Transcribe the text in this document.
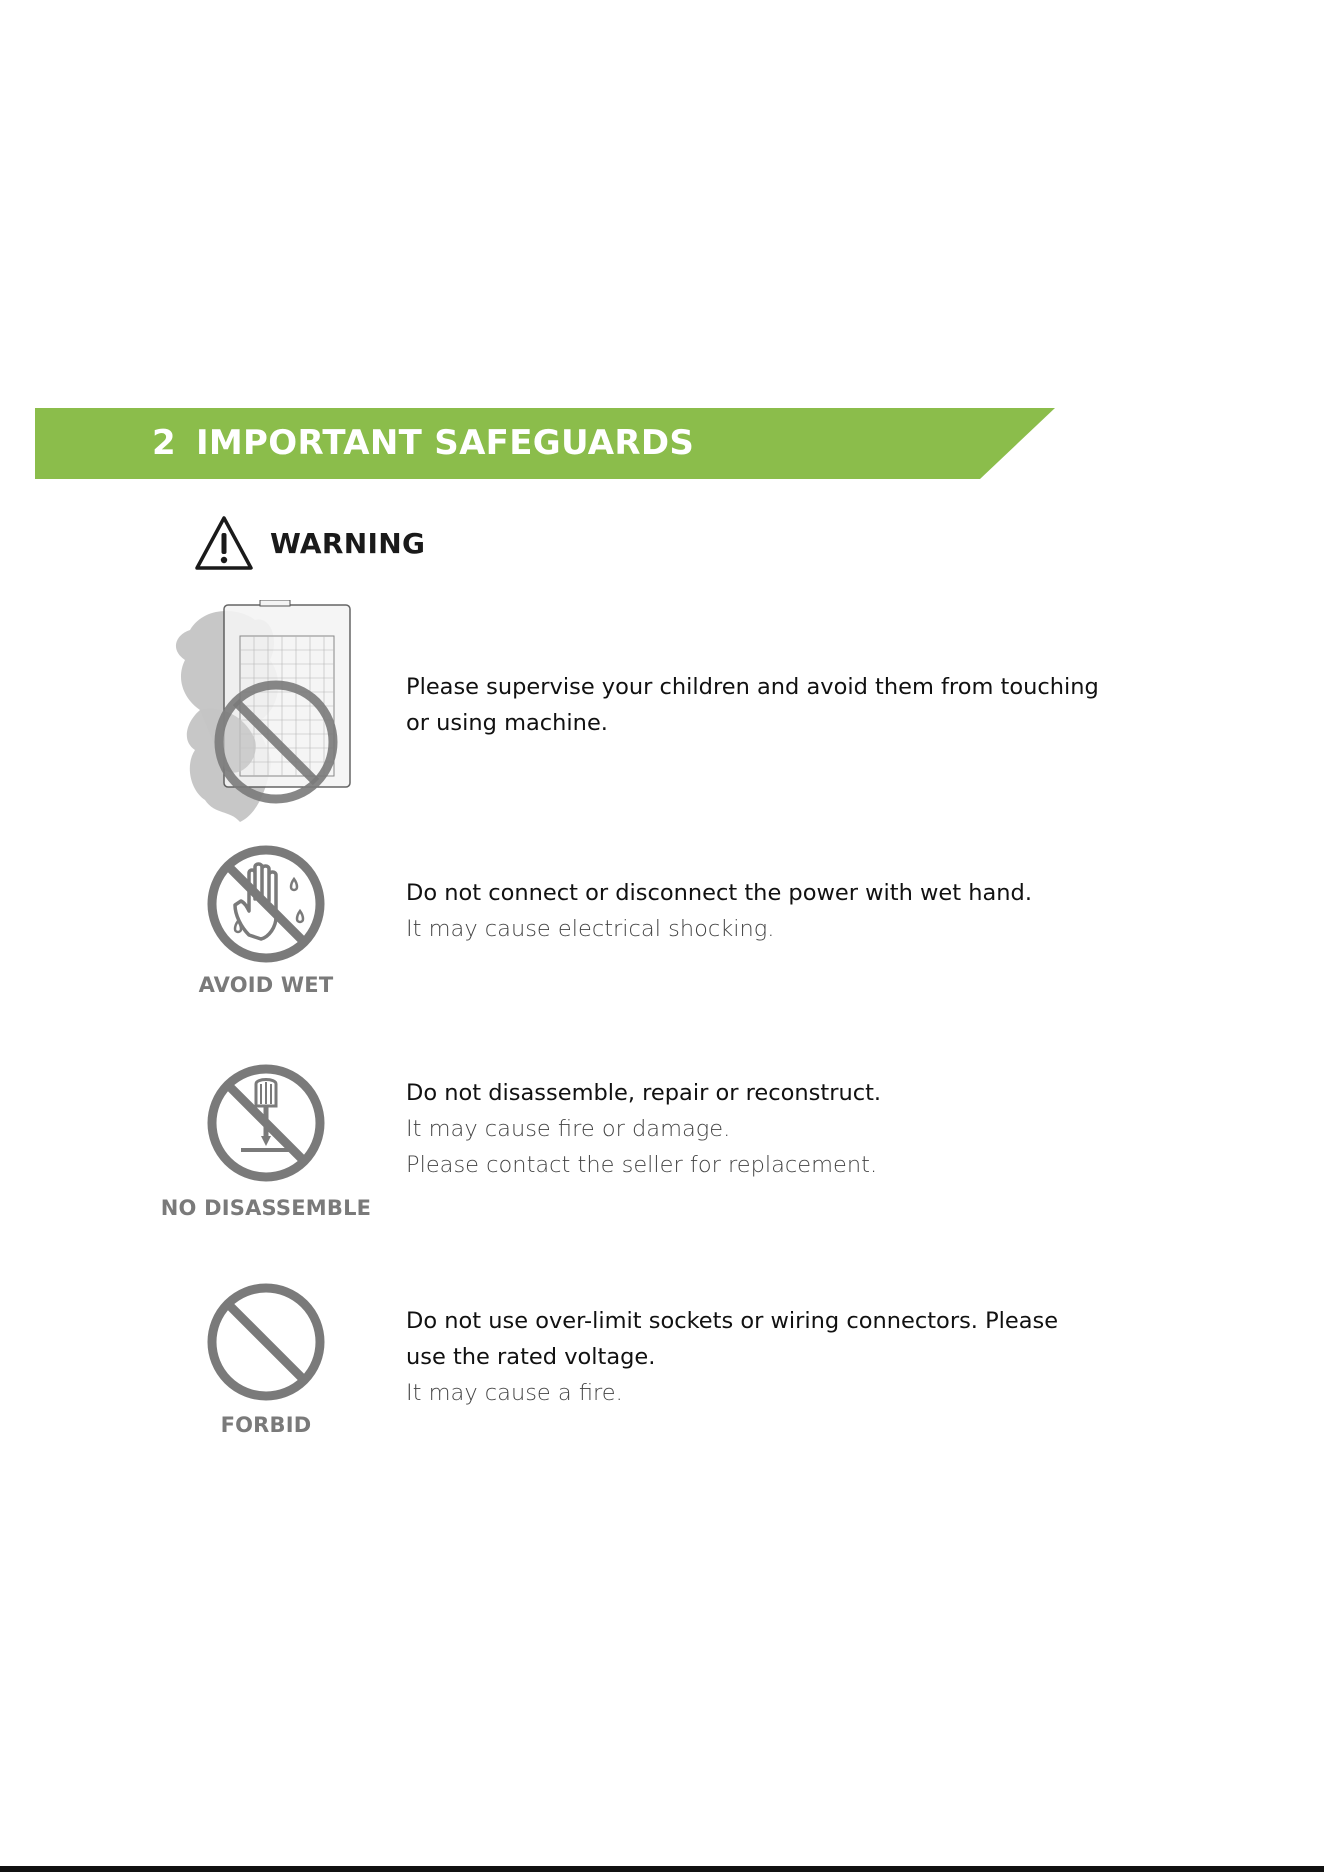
2 IMPORTANT SAFEGUARDS
WARNING

Please supervise your children and avoid them from touching

or using machine.

AVOID WET

Do not connect or disconnect the power with wet hand.

It may cause electrical shocking.

NO DISASSEMBLE

Do not disassemble, repair or reconstruct.

It may cause fire or damage.

Please contact the seller for replacement.

FORBID

Do not use over-limit sockets or wiring connectors. Please

use the rated voltage.

It may cause a fire.
